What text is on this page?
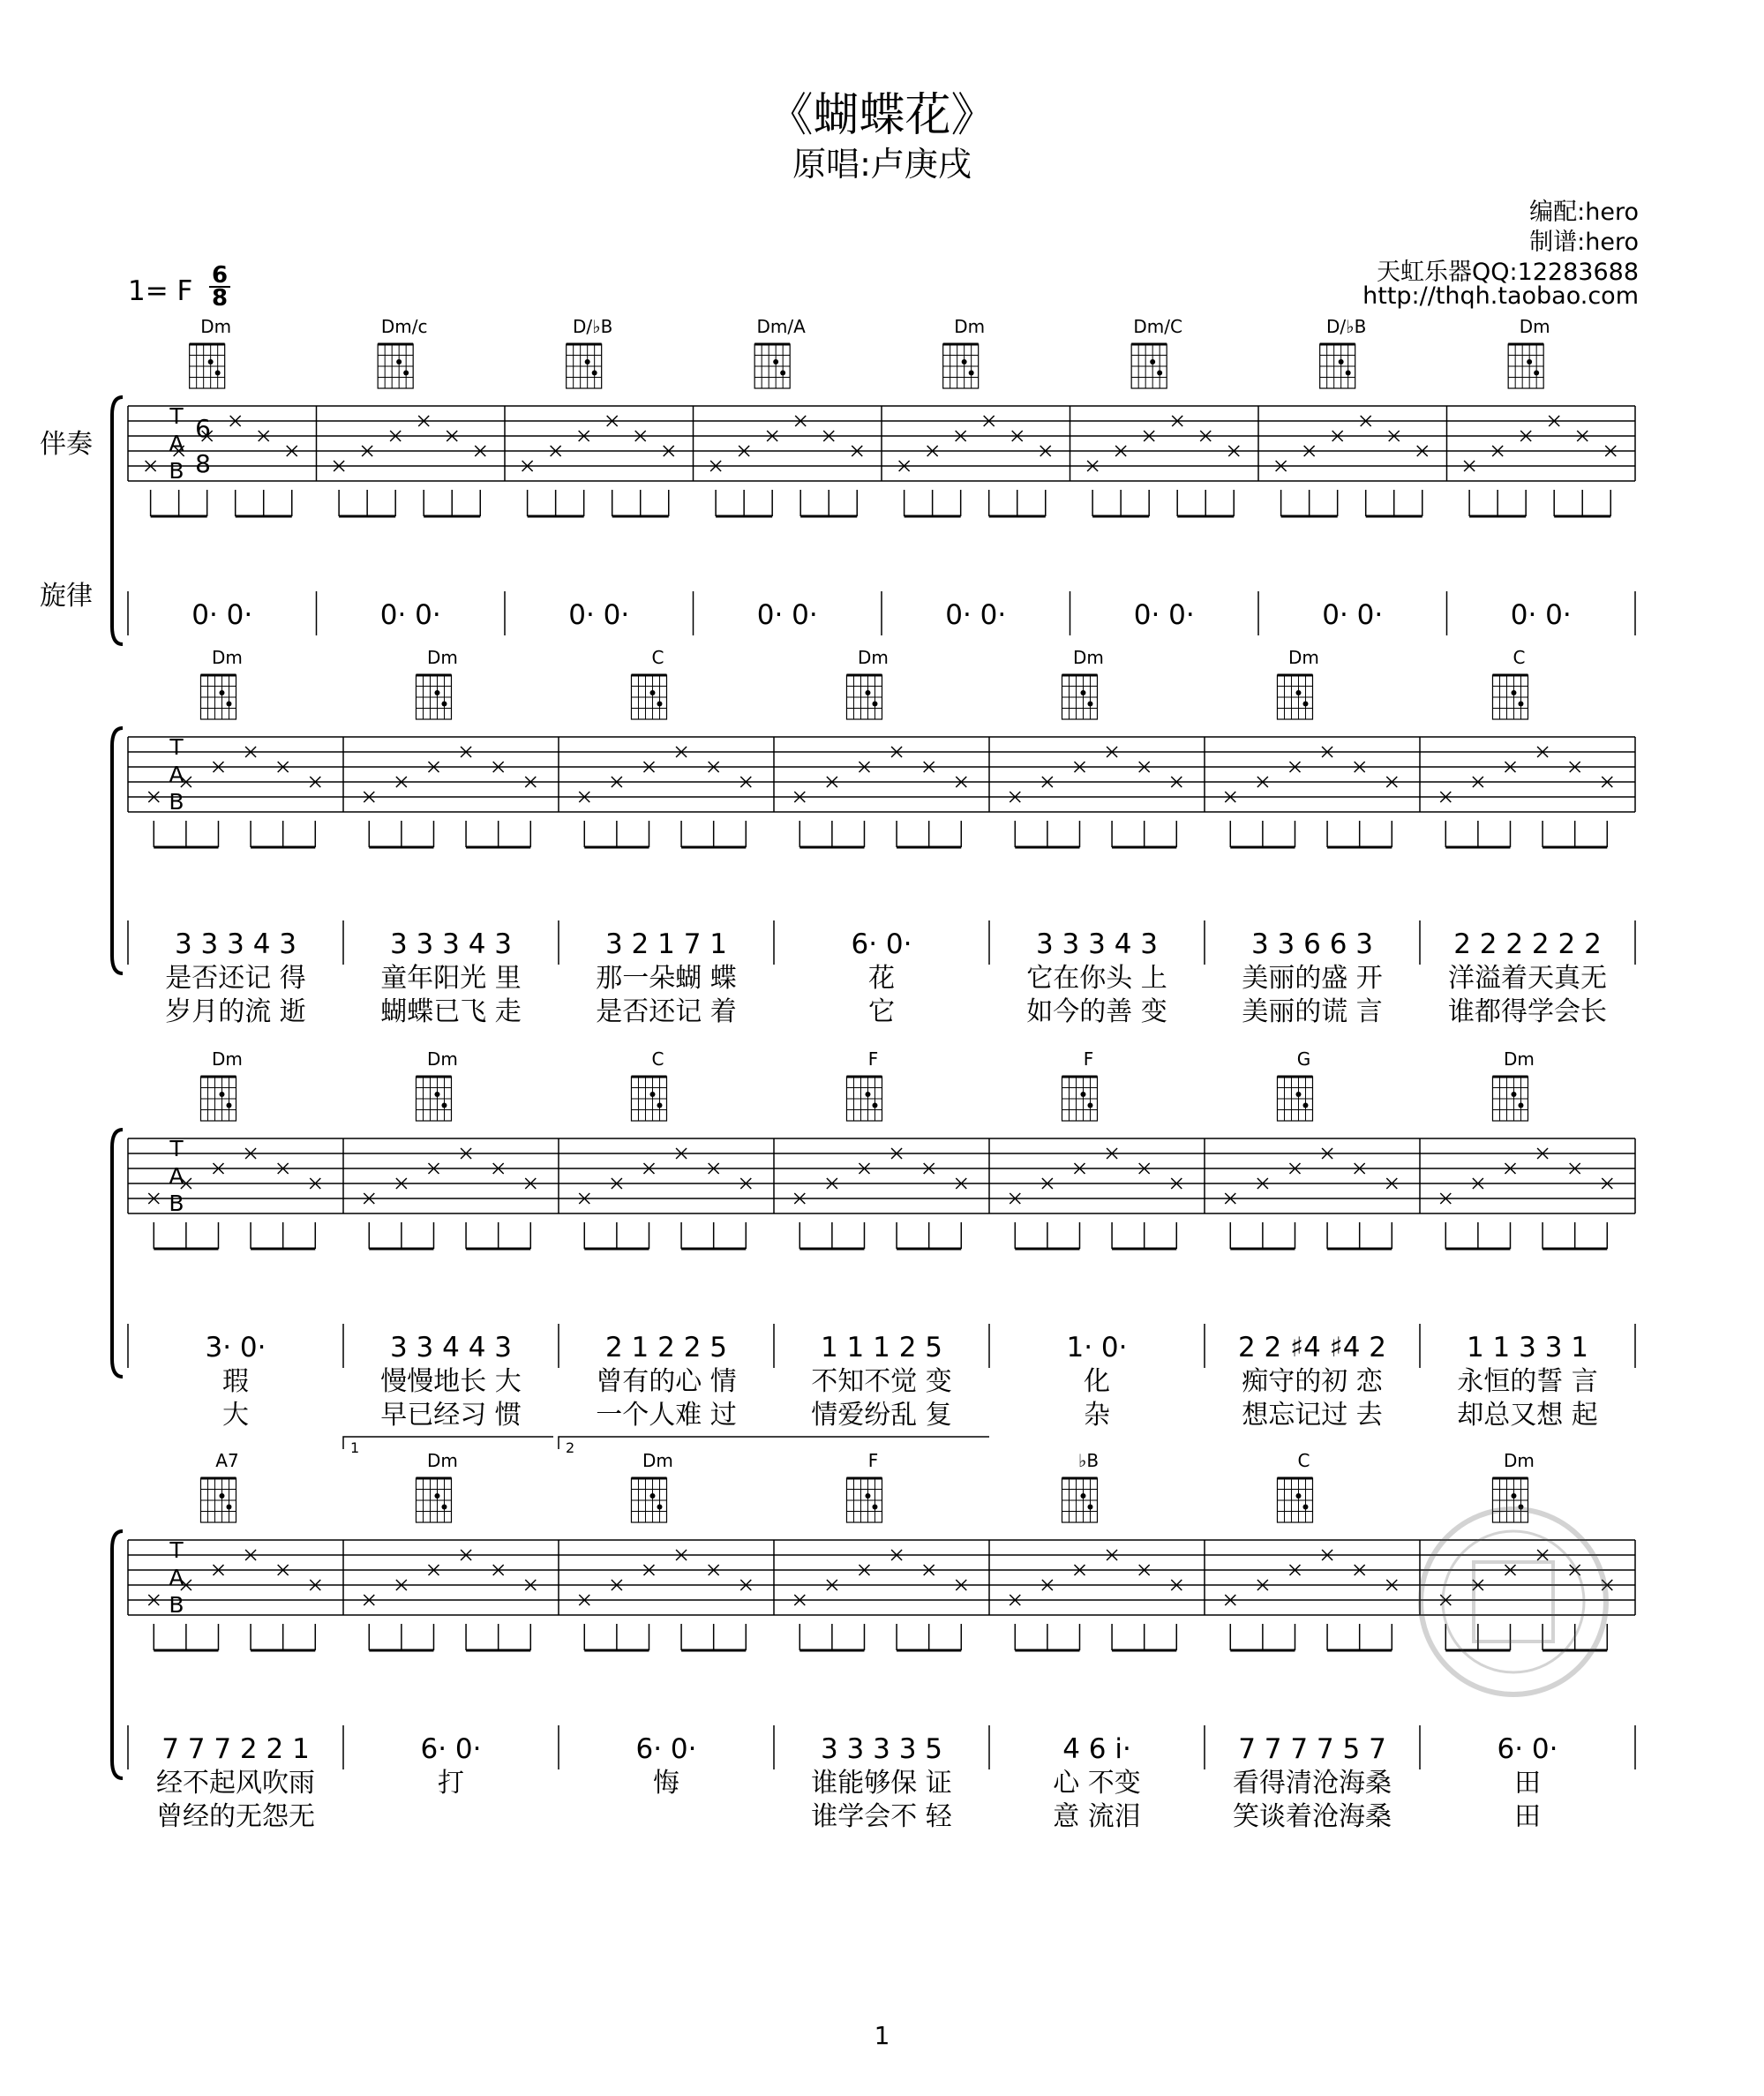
《蝴蝶花》
原唱:卢庚戌
编配:hero
制谱:hero
天虹乐器QQ:12283688
http://thqh.taobao.com
1= F 6
8
伴奏
旋律
T
A
B
6
8
Dm
0· 0·
Dm/c
0· 0·
D/♭B
0· 0·
Dm/A
0· 0·
Dm
0· 0·
Dm/C
0· 0·
D/♭B
0· 0·
Dm
0· 0·
T
A
B
Dm
3 3 3 4 3
是否还记 得
岁月的流 逝
Dm
3 3 3 4 3
童年阳光 里
蝴蝶已飞 走
C
3 2 1 7 1
那一朵蝴 蝶
是否还记 着
Dm
6· 0·
花
它
Dm
3 3 3 4 3
它在你头 上
如今的善 变
Dm
3 3 6 6 3
美丽的盛 开
美丽的谎 言
C
2 2 2 2 2 2
洋溢着天真无
谁都得学会长
T
A
B
Dm
3· 0·
瑕
大
Dm
3 3 4 4 3
慢慢地长 大
早已经习 惯
C
2 1 2 2 5
曾有的心 情
一个人难 过
F
1 1 1 2 5
不知不觉 变
情爱纷乱 复
F
1· 0·
化
杂
G
2 2 ♯4 ♯4 2
痴守的初 恋
想忘记过 去
Dm
1 1 3 3 1
永恒的誓 言
却总又想 起
1	2
T
A
B
A7
7 7 7 2 2 1
经不起风吹雨
曾经的无怨无
Dm
6· 0·
打
Dm
6· 0·
悔
F
3 3 3 3 5
谁能够保 证
谁学会不 轻
♭B
4 6 i·
心 不变
意 流泪
C
7 7 7 7 5 7
看得清沧海桑
笑谈着沧海桑
Dm
6· 0·
田
田
1
